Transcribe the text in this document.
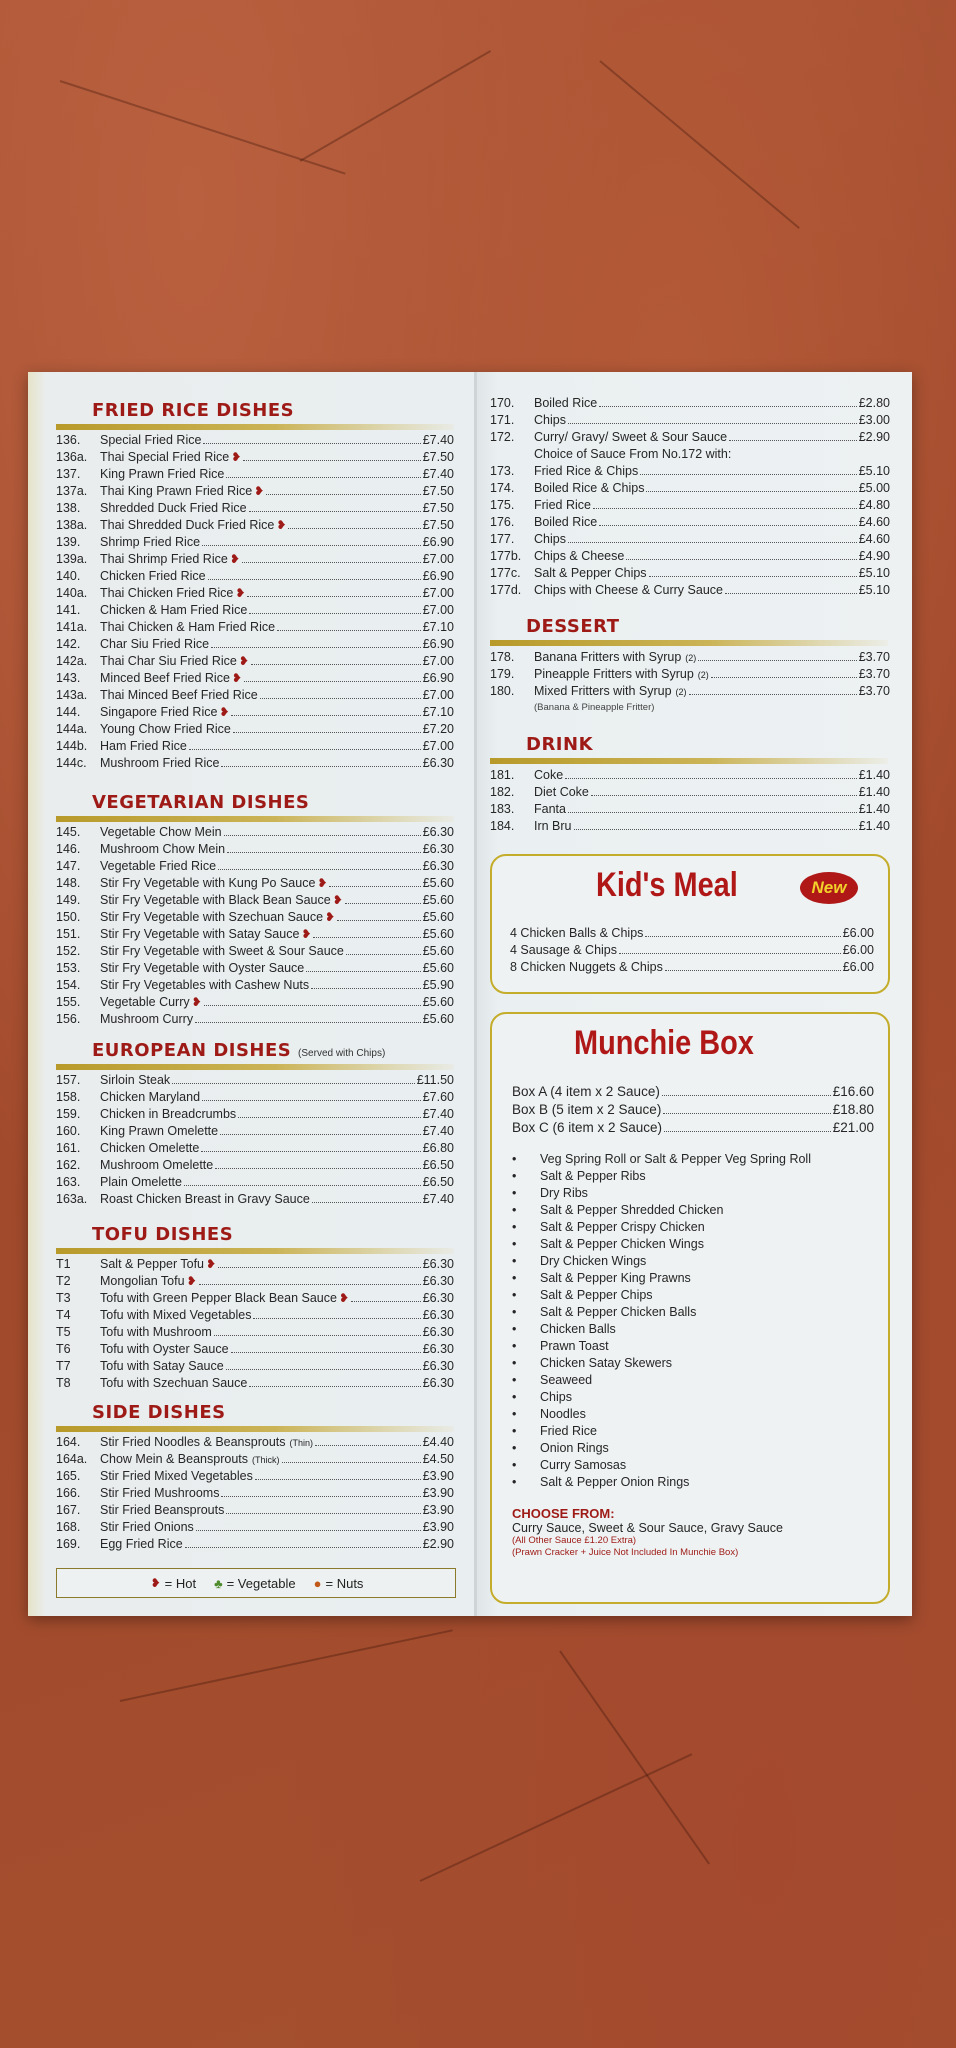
FRIED RICE DISHES
136.	Special Fried Rice	£7.40
136a.	Thai Special Fried Rice ❥	£7.50
137.	King Prawn Fried Rice	£7.40
137a.	Thai King Prawn Fried Rice ❥	£7.50
138.	Shredded Duck Fried Rice	£7.50
138a.	Thai Shredded Duck Fried Rice ❥	£7.50
139.	Shrimp Fried Rice	£6.90
139a.	Thai Shrimp Fried Rice ❥	£7.00
140.	Chicken Fried Rice	£6.90
140a.	Thai Chicken Fried Rice ❥	£7.00
141.	Chicken & Ham Fried Rice	£7.00
141a.	Thai Chicken & Ham Fried Rice	£7.10
142.	Char Siu Fried Rice	£6.90
142a.	Thai Char Siu Fried Rice ❥	£7.00
143.	Minced Beef Fried Rice ❥	£6.90
143a.	Thai Minced Beef Fried Rice	£7.00
144.	Singapore Fried Rice ❥	£7.10
144a.	Young Chow Fried Rice	£7.20
144b.	Ham Fried Rice	£7.00
144c.	Mushroom Fried Rice	£6.30
VEGETARIAN DISHES
145.	Vegetable Chow Mein	£6.30
146.	Mushroom Chow Mein	£6.30
147.	Vegetable Fried Rice	£6.30
148.	Stir Fry Vegetable with Kung Po Sauce ❥	£5.60
149.	Stir Fry Vegetable with Black Bean Sauce ❥	£5.60
150.	Stir Fry Vegetable with Szechuan Sauce ❥	£5.60
151.	Stir Fry Vegetable with Satay Sauce ❥	£5.60
152.	Stir Fry Vegetable with Sweet & Sour Sauce	£5.60
153.	Stir Fry Vegetable with Oyster Sauce	£5.60
154.	Stir Fry Vegetables with Cashew Nuts	£5.90
155.	Vegetable Curry ❥	£5.60
156.	Mushroom Curry	£5.60
EUROPEAN DISHES (Served with Chips)
157.	Sirloin Steak	£11.50
158.	Chicken Maryland	£7.60
159.	Chicken in Breadcrumbs	£7.40
160.	King Prawn Omelette	£7.40
161.	Chicken Omelette	£6.80
162.	Mushroom Omelette	£6.50
163.	Plain Omelette	£6.50
163a.	Roast Chicken Breast in Gravy Sauce	£7.40
TOFU DISHES
T1	Salt & Pepper Tofu ❥	£6.30
T2	Mongolian Tofu ❥	£6.30
T3	Tofu with Green Pepper Black Bean Sauce ❥	£6.30
T4	Tofu with Mixed Vegetables	£6.30
T5	Tofu with Mushroom	£6.30
T6	Tofu with Oyster Sauce	£6.30
T7	Tofu with Satay Sauce	£6.30
T8	Tofu with Szechuan Sauce	£6.30
SIDE DISHES
164.	Stir Fried Noodles & Beansprouts (Thin)	£4.40
164a.	Chow Mein & Beansprouts (Thick)	£4.50
165.	Stir Fried Mixed Vegetables	£3.90
166.	Stir Fried Mushrooms	£3.90
167.	Stir Fried Beansprouts	£3.90
168.	Stir Fried Onions	£3.90
169.	Egg Fried Rice	£2.90
❥ = Hot ♣ = Vegetable ● = Nuts
170.	Boiled Rice	£2.80
171.	Chips	£3.00
172.	Curry/ Gravy/ Sweet & Sour Sauce	£2.90
Choice of Sauce From No.172 with:
173.	Fried Rice & Chips	£5.10
174.	Boiled Rice & Chips	£5.00
175.	Fried Rice	£4.80
176.	Boiled Rice	£4.60
177.	Chips	£4.60
177b.	Chips & Cheese	£4.90
177c.	Salt & Pepper Chips	£5.10
177d.	Chips with Cheese & Curry Sauce	£5.10
DESSERT
178.	Banana Fritters with Syrup (2)	£3.70
179.	Pineapple Fritters with Syrup (2)	£3.70
180.	Mixed Fritters with Syrup (2)	£3.70
(Banana & Pineapple Fritter)
DRINK
181.	Coke	£1.40
182.	Diet Coke	£1.40
183.	Fanta	£1.40
184.	Irn Bru	£1.40
Kid's Meal	New
4 Chicken Balls & Chips	£6.00
4 Sausage & Chips	£6.00
8 Chicken Nuggets & Chips	£6.00
Munchie Box
Box A (4 item x 2 Sauce)	£16.60
Box B (5 item x 2 Sauce)	£18.80
Box C (6 item x 2 Sauce)	£21.00
•	Veg Spring Roll or Salt & Pepper Veg Spring Roll
•	Salt & Pepper Ribs
•	Dry Ribs
•	Salt & Pepper Shredded Chicken
•	Salt & Pepper Crispy Chicken
•	Salt & Pepper Chicken Wings
•	Dry Chicken Wings
•	Salt & Pepper King Prawns
•	Salt & Pepper Chips
•	Salt & Pepper Chicken Balls
•	Chicken Balls
•	Prawn Toast
•	Chicken Satay Skewers
•	Seaweed
•	Chips
•	Noodles
•	Fried Rice
•	Onion Rings
•	Curry Samosas
•	Salt & Pepper Onion Rings
CHOOSE FROM:
Curry Sauce, Sweet & Sour Sauce, Gravy Sauce
(All Other Sauce £1.20 Extra)
(Prawn Cracker + Juice Not Included In Munchie Box)
